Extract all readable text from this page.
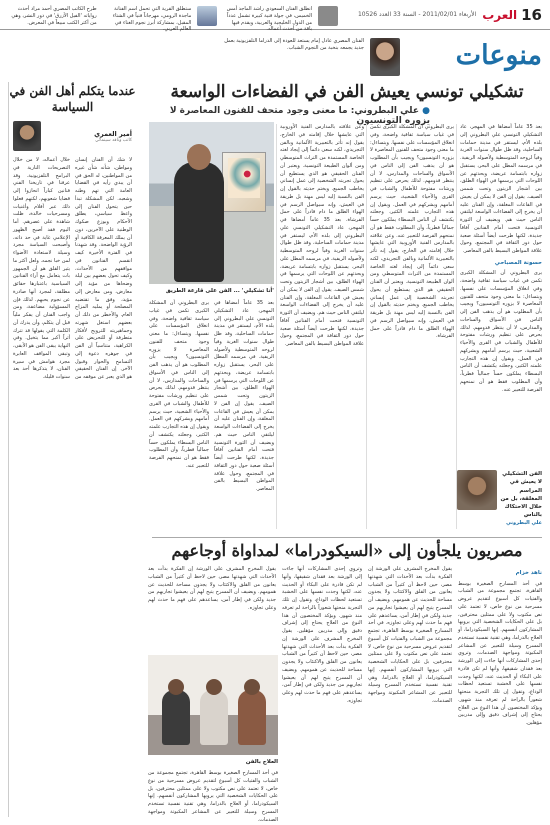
16
العرب
الأربعاء 2011/02/01 - السنة 33 العدد 10526
انطلق الفنان السعودي راشد الماجد أمس الخميس، في جولة فنية كبيرة تشمل عدداً من الدول الخليجية والعربية، ويقدم فيها باقة من أحدث أعماله.
ستطلق القرية التي تحمل اسم الفنانة ماجدة الرومي، مهرجاناً فنياً في الشتاء المقبل، بمشاركة أبرز نجوم الغناء في العالم العربي.
طرح الكاتب المصري أحمد مراد أحدث رواياته 'الفيل الأزرق' في دور النشر، وهي من أكثر الكتب مبيعاً في المعرض.
منوعات
الفنان المصري عادل إمام يستعد للعودة إلى الدراما التلفزيونية بعمل جديد يجمعه بنخبة من النجوم الشباب.
تشكيلي تونسي يعيش الفن في الفضاءات الواسعة
● علي البطروني: ما معنى وجود متحف للفنون المعاصرة لا يزوره التونسيون
بعد 35 عاماً أمضاها في المهجر، عاد التشكيلي التونسي علي البطروني إلى بلده الأم، ليستقر في مدينة حمامات الساحلية، وقد ظل طوال سنوات الغربة وفياً لروحه المتوسطية ولأصوله الريفية. في مرسمه المطل على البحر، يستقبل زواره بابتسامة عريضة، ويحدثهم عن اللوحات التي يرسمها في الهواء الطلق، بين أشجار الزيتون وتحت شمس الصيف. يقول إن الفن لا يمكن أن يعيش في القاعات المغلقة، وإن الفنان عليه أن يخرج إلى الفضاءات الواسعة ليلتقي الناس حيث هم. ويضيف أن الثورة التونسية فتحت أمام الفنانين آفاقاً جديدة، لكنها طرحت أيضاً أسئلة صعبة حول دور الثقافة في المجتمع، وحول علاقة المواطن البسيط بالفن المعاصر.
حسونة المصباحي
يرى البطروني أن المشكلة الكبرى تكمن في غياب سياسة ثقافية واضحة، وفي انغلاق المؤسسات على نفسها. ويتساءل: ما معنى وجود متحف للفنون المعاصرة لا يزوره التونسيون؟ ويجيب بأن المطلوب هو أن يذهب الفن إلى الناس في الأسواق والساحات والمدارس، لا أن ينتظر قدومهم. لذلك يحرص على تنظيم ورشات مفتوحة للأطفال والشباب في القرى والأحياء الشعبية، حيث يرسم أمامهم ويشركهم في العمل. ويقول إن هذه التجارب علمته الكثير، وجعلته يكتشف أن الناس البسطاء يملكون حساً جمالياً فطرياً، وأن المطلوب فقط هو أن نمنحهم الفرصة للتعبير عنه.
يرى البطروني أن المشكلة الكبرى تكمن في غياب سياسة ثقافية واضحة، وفي انغلاق المؤسسات على نفسها. ويتساءل: ما معنى وجود متحف للفنون المعاصرة لا يزوره التونسيون؟ ويجيب بأن المطلوب هو أن يذهب الفن إلى الناس في الأسواق والساحات والمدارس، لا أن ينتظر قدومهم. لذلك يحرص على تنظيم ورشات مفتوحة للأطفال والشباب في القرى والأحياء الشعبية، حيث يرسم أمامهم ويشركهم في العمل. ويقول إن هذه التجارب علمته الكثير، وجعلته يكتشف أن الناس البسطاء يملكون حساً جمالياً فطرياً، وأن المطلوب فقط هو أن نمنحهم الفرصة للتعبير عنه. وعن علاقته بالمدارس الفنية الأوروبية التي عايشها خلال إقامته في الخارج، يقول إنه تأثر بالتعبيرية الألمانية وبالفن التجريدي، لكنه سعى دائماً إلى إيجاد لغته الخاصة المستمدة من التراث المتوسطي ومن ألوان الطبيعة التونسية. ويعتبر أن الفنان الحقيقي هو الذي يستطيع أن يحول تجربته الشخصية إلى عمل إنساني يخاطب الجميع. ويختم حديثه بالقول إن الفن بالنسبة إليه ليس مهنة بل طريقة في العيش، وإنه سيواصل الرسم في الهواء الطلق ما دام قادراً على حمل الفرشاة.
وعن علاقته بالمدارس الفنية الأوروبية التي عايشها خلال إقامته في الخارج، يقول إنه تأثر بالتعبيرية الألمانية وبالفن التجريدي، لكنه سعى دائماً إلى إيجاد لغته الخاصة المستمدة من التراث المتوسطي ومن ألوان الطبيعة التونسية. ويعتبر أن الفنان الحقيقي هو الذي يستطيع أن يحول تجربته الشخصية إلى عمل إنساني يخاطب الجميع. ويختم حديثه بالقول إن الفن بالنسبة إليه ليس مهنة بل طريقة في العيش، وإنه سيواصل الرسم في الهواء الطلق ما دام قادراً على حمل الفرشاة. بعد 35 عاماً أمضاها في المهجر، عاد التشكيلي التونسي علي البطروني إلى بلده الأم، ليستقر في مدينة حمامات الساحلية، وقد ظل طوال سنوات الغربة وفياً لروحه المتوسطية ولأصوله الريفية. في مرسمه المطل على البحر، يستقبل زواره بابتسامة عريضة، ويحدثهم عن اللوحات التي يرسمها في الهواء الطلق، بين أشجار الزيتون وتحت شمس الصيف. يقول إن الفن لا يمكن أن يعيش في القاعات المغلقة، وإن الفنان عليه أن يخرج إلى الفضاءات الواسعة ليلتقي الناس حيث هم. ويضيف أن الثورة التونسية فتحت أمام الفنانين آفاقاً جديدة، لكنها طرحت أيضاً أسئلة صعبة حول دور الثقافة في المجتمع، وحول علاقة المواطن البسيط بالفن المعاصر.
'أنا تشكيلي' ... الفن على قارعة الطريق
بعد 35 عاماً أمضاها في المهجر، عاد التشكيلي التونسي علي البطروني إلى بلده الأم، ليستقر في مدينة حمامات الساحلية، وقد ظل طوال سنوات الغربة وفياً لروحه المتوسطية ولأصوله الريفية. في مرسمه المطل على البحر، يستقبل زواره بابتسامة عريضة، ويحدثهم عن اللوحات التي يرسمها في الهواء الطلق، بين أشجار الزيتون وتحت شمس الصيف. يقول إن الفن لا يمكن أن يعيش في القاعات المغلقة، وإن الفنان عليه أن يخرج إلى الفضاءات الواسعة ليلتقي الناس حيث هم. ويضيف أن الثورة التونسية فتحت أمام الفنانين آفاقاً جديدة، لكنها طرحت أيضاً أسئلة صعبة حول دور الثقافة في المجتمع، وحول علاقة المواطن البسيط بالفن المعاصر.
يرى البطروني أن المشكلة الكبرى تكمن في غياب سياسة ثقافية واضحة، وفي انغلاق المؤسسات على نفسها. ويتساءل: ما معنى وجود متحف للفنون المعاصرة لا يزوره التونسيون؟ ويجيب بأن المطلوب هو أن يذهب الفن إلى الناس في الأسواق والساحات والمدارس، لا أن ينتظر قدومهم. لذلك يحرص على تنظيم ورشات مفتوحة للأطفال والشباب في القرى والأحياء الشعبية، حيث يرسم أمامهم ويشركهم في العمل. ويقول إن هذه التجارب علمته الكثير، وجعلته يكتشف أن الناس البسطاء يملكون حساً جمالياً فطرياً، وأن المطلوب فقط هو أن نمنحهم الفرصة للتعبير عنه.
الفن التشكيلي لا يعيش في المراسم المغلقة، بل من خلال الاحتكاك بالناس
علي البطروني
مصريون يلجأون إلى «السيكودراما» لمداواة أوجاعهم
ناهد خزام
في أحد المسارح الصغيرة بوسط القاهرة، تجتمع مجموعة من الشباب والفتيات كل أسبوع لتقديم عروض مسرحية من نوع خاص، لا تعتمد على نص مكتوب ولا على ممثلين محترفين، بل على الحكايات الشخصية التي يرويها المشاركون أنفسهم. إنها السيكودراما، أو العلاج بالدراما، وهي تقنية نفسية تستخدم المسرح وسيلة للتعبير عن المشاعر المكبوتة ومواجهة الصدمات. وتروي إحدى المشاركات أنها جاءت إلى الورشة بعد فقدان شقيقها، وأنها لم تكن قادرة على البكاء أو الحديث عنه، لكنها وجدت نفسها على الخشبة تستعيد لحظات الوداع، وتقول إن تلك التجربة منحتها شعوراً بالراحة لم تعرفه منذ شهور. ويؤكد المختصون أن هذا النوع من العلاج يحتاج إلى إشراف دقيق وإلى مدربين مؤهلين.
يقول المخرج المشرف على الورشة إن الفكرة بدأت بعد الأحداث التي شهدتها مصر، حين لاحظ أن كثيراً من الشباب يعانون من القلق والاكتئاب ولا يجدون مساحة للحديث عن همومهم. ويضيف أن المسرح يتيح لهم أن يعيشوا تجاربهم من جديد ولكن في إطار آمن، يساعدهم على فهم ما حدث لهم وعلى تجاوزه. في أحد المسارح الصغيرة بوسط القاهرة، تجتمع مجموعة من الشباب والفتيات كل أسبوع لتقديم عروض مسرحية من نوع خاص، لا تعتمد على نص مكتوب ولا على ممثلين محترفين، بل على الحكايات الشخصية التي يرويها المشاركون أنفسهم. إنها السيكودراما، أو العلاج بالدراما، وهي تقنية نفسية تستخدم المسرح وسيلة للتعبير عن المشاعر المكبوتة ومواجهة الصدمات.
وتروي إحدى المشاركات أنها جاءت إلى الورشة بعد فقدان شقيقها، وأنها لم تكن قادرة على البكاء أو الحديث عنه، لكنها وجدت نفسها على الخشبة تستعيد لحظات الوداع، وتقول إن تلك التجربة منحتها شعوراً بالراحة لم تعرفه منذ شهور. ويؤكد المختصون أن هذا النوع من العلاج يحتاج إلى إشراف دقيق وإلى مدربين مؤهلين. يقول المخرج المشرف على الورشة إن الفكرة بدأت بعد الأحداث التي شهدتها مصر، حين لاحظ أن كثيراً من الشباب يعانون من القلق والاكتئاب ولا يجدون مساحة للحديث عن همومهم. ويضيف أن المسرح يتيح لهم أن يعيشوا تجاربهم من جديد ولكن في إطار آمن، يساعدهم على فهم ما حدث لهم وعلى تجاوزه.
يقول المخرج المشرف على الورشة إن الفكرة بدأت بعد الأحداث التي شهدتها مصر، حين لاحظ أن كثيراً من الشباب يعانون من القلق والاكتئاب ولا يجدون مساحة للحديث عن همومهم. ويضيف أن المسرح يتيح لهم أن يعيشوا تجاربهم من جديد ولكن في إطار آمن، يساعدهم على فهم ما حدث لهم وعلى تجاوزه.
العلاج بالفن
في أحد المسارح الصغيرة بوسط القاهرة، تجتمع مجموعة من الشباب والفتيات كل أسبوع لتقديم عروض مسرحية من نوع خاص، لا تعتمد على نص مكتوب ولا على ممثلين محترفين، بل على الحكايات الشخصية التي يرويها المشاركون أنفسهم. إنها السيكودراما، أو العلاج بالدراما، وهي تقنية نفسية تستخدم المسرح وسيلة للتعبير عن المشاعر المكبوتة ومواجهة الصدمات.
عندما يتكلم أهل الفن في السياسة
أمير العمري
كاتب وناقد سينمائي
لا شك أن الفنان إنسان ومواطن، شأنه شأن غيره من المواطنين، له الحق في أن يبدي رأيه في القضايا العامة التي تهم وطنه وشعبه. لكن المشكلة تبدأ حين يتحول الفنان إلى واعظ سياسي، يطلق الأحكام ويوزع صكوك الوطنية على الآخرين، دون أن يملك المعرفة الكافية أو الرؤية الواضحة. وقد شهدنا في الفترة الأخيرة كيف انقسم الفنانون في مواقفهم من الأحداث، وكيف تحول بعضهم بين ليلة وضحاها من مؤيد إلى معارض، ومن معارض إلى مؤيد، وفق ما تقتضيه المصلحة أو يمليه المزاج العام. والأخطر من ذلك أن بعضهم استغل شهرته وجماهيريته للترويج لأفكار متطرفة أو للتحريض على الكراهية، متناسياً أن الفن في جوهره دعوة إلى التسامح والحوار وقبول الآخر. إن الفنان الحقيقي هو الذي يعبر عن موقفه من خلال أعماله، لا من خلال التصريحات النارية في البرامج التلفزيونية. وقد عرفنا في تاريخنا الفني فنانين كباراً انحازوا إلى قضايا شعوبهم، لكنهم فعلوا ذلك عبر أفلام وأغنيات ومسرحيات خالدة، ظلت شاهدة على عصرهم. أما اليوم فقد أصبح الظهور الإعلامي غاية في حد ذاته، وأصبحت السياسة مجرد وسيلة لاستعادة الأضواء لمن خبا نجمه. ولعل أكثر ما يثير القلق هو أن الجمهور بات يتعامل مع آراء الفنانين السياسية باعتبارها حقائق مطلقة، لمجرد أنها صادرة عن نجوم يحبهم. لذلك فإن المسؤولية مضاعفة، ومن واجب الفنان أن يفكر ملياً قبل أن يتكلم، وأن يدرك أن الكلمة التي يقولها قد تترك أثراً أكبر مما يتخيل. وفي النهاية يبقى الفن هو الأبقى، وتبقى المواقف العابرة مجرد هوامش في سيرة الفنان، لا يتذكرها أحد بعد سنوات قليلة.
